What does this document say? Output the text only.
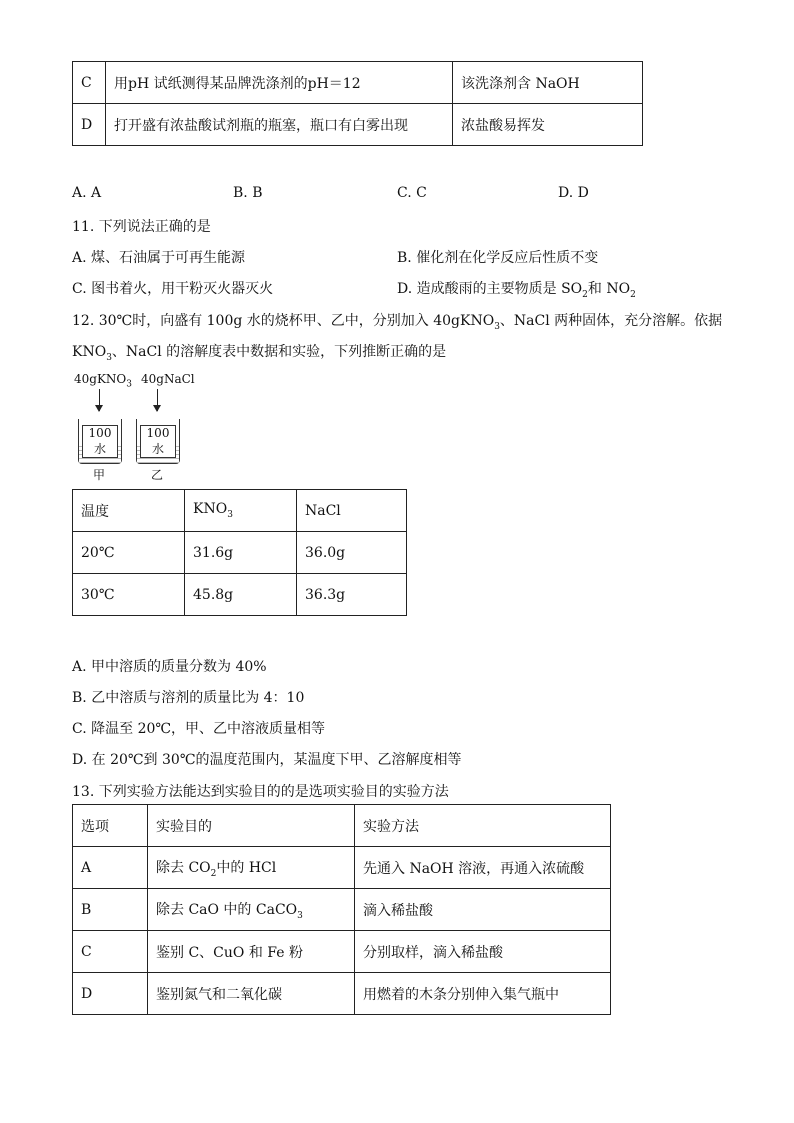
C	用pH 试纸测得某品牌洗涤剂的pH＝12	该洗涤剂含 NaOH
D	打开盛有浓盐酸试剂瓶的瓶塞，瓶口有白雾出现	浓盐酸易挥发
A. A	B. B	C. C	D. D
11. 下列说法正确的是
A. 煤、石油属于可再生能源	B. 催化剂在化学反应后性质不变
C. 图书着火，用干粉灭火器灭火	D. 造成酸雨的主要物质是 $SO_2$和 $NO_2$
12. 30℃时，向盛有 100g 水的烧杯甲、乙中，分别加入 40gKNO$_3$、NaCl 两种固体，充分溶解。依据
$KNO_3$、NaCl 的溶解度表中数据和实验，下列推断正确的是
40gKNO$_3$ 40gNaCl
100水
100水
甲	乙
温度	$KNO_3$	NaCl
20℃	31.6g	36.0g
30℃	45.8g	36.3g
A. 甲中溶质的质量分数为 40%
B. 乙中溶质与溶剂的质量比为 4：10
C. 降温至 20℃，甲、乙中溶液质量相等
D. 在 20℃到 30℃的温度范围内，某温度下甲、乙溶解度相等
13. 下列实验方法能达到实验目的的是选项实验目的实验方法
选项	实验目的	实验方法
A	除去 $CO_2$中的 HCl	先通入 NaOH 溶液，再通入浓硫酸
B	除去 CaO 中的 CaCO$_3$	滴入稀盐酸
C	鉴别 C、CuO 和 Fe 粉	分别取样，滴入稀盐酸
D	鉴别氮气和二氧化碳	用燃着的木条分别伸入集气瓶中
